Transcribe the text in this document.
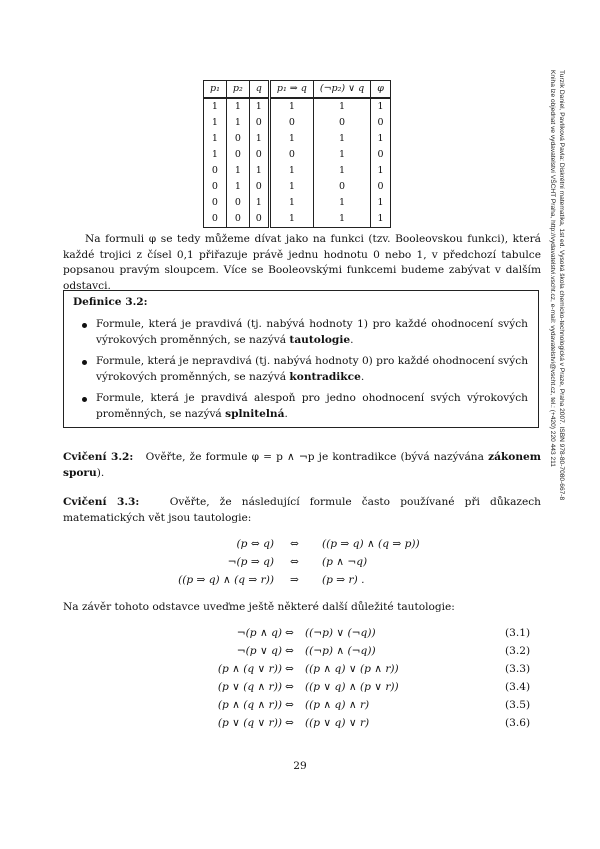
p₁	p₂	q	p₁ ⇒ q	(¬p₂) ∨ q	φ
1	1	1	1	1	1
1	1	0	0	0	0
1	0	1	1	1	1
1	0	0	0	1	0
0	1	1	1	1	1
0	1	0	1	0	0
0	0	1	1	1	1
0	0	0	1	1	1
Na formuli φ se tedy můžeme dívat jako na funkci (tzv. Booleovskou funkci), která každé trojici z čísel 0,1 přiřazuje právě jednu hodnotu 0 nebo 1, v předchozí tabulce popsanou pravým sloupcem. Více se Booleovskými funkcemi budeme zabývat v dalším odstavci.
Definice 3.2:
Formule, která je pravdivá (tj. nabývá hodnoty 1) pro každé ohodnocení svých výrokových proměnných, se nazývá tautologie.
Formule, která je nepravdivá (tj. nabývá hodnoty 0) pro každé ohodnocení svých výrokových proměnných, se nazývá kontradikce.
Formule, která je pravdivá alespoň pro jedno ohodnocení svých výrokových proměnných, se nazývá splnitelná.
Cvičení 3.2: Ověřte, že formule φ = p ∧ ¬p je kontradikce (bývá nazývána zákonem sporu).
Cvičení 3.3:	Ověřte, že následující formule často používané při důkazech matematických vět jsou tautologie:
(p ⇔ q) ⇔ ((p ⇒ q) ∧ (q ⇒ p))
¬(p ⇒ q) ⇔ (p ∧ ¬q)
((p ⇒ q) ∧ (q ⇒ r)) ⇒ (p ⇒ r) .
Na závěr tohoto odstavce uveďme ještě některé další důležité tautologie:
¬(p ∧ q) ⇔ ((¬p) ∨ (¬q))	(3.1)
¬(p ∨ q) ⇔ ((¬p) ∧ (¬q))	(3.2)
(p ∧ (q ∨ r)) ⇔ ((p ∧ q) ∨ (p ∧ r))	(3.3)
(p ∨ (q ∧ r)) ⇔ ((p ∨ q) ∧ (p ∨ r))	(3.4)
(p ∧ (q ∧ r)) ⇔ ((p ∧ q) ∧ r)	(3.5)
(p ∨ (q ∨ r)) ⇔ ((p ∨ q) ∨ r)	(3.6)
29
Turzík Daniel, Pavlíková Pavla: Diskrétní matematika, 1st ed. Vysoká škola chemicko-technologická v Praze, Praha 2007. ISBN 978-80-7080-667-8
Kniha lze objednat ve vydavatelství VŠCHT Praha, http://vydavatelstvi.vscht.cz, e-mail: vydavatelstvi@vscht.cz, tel.: (+420) 220 443 211
